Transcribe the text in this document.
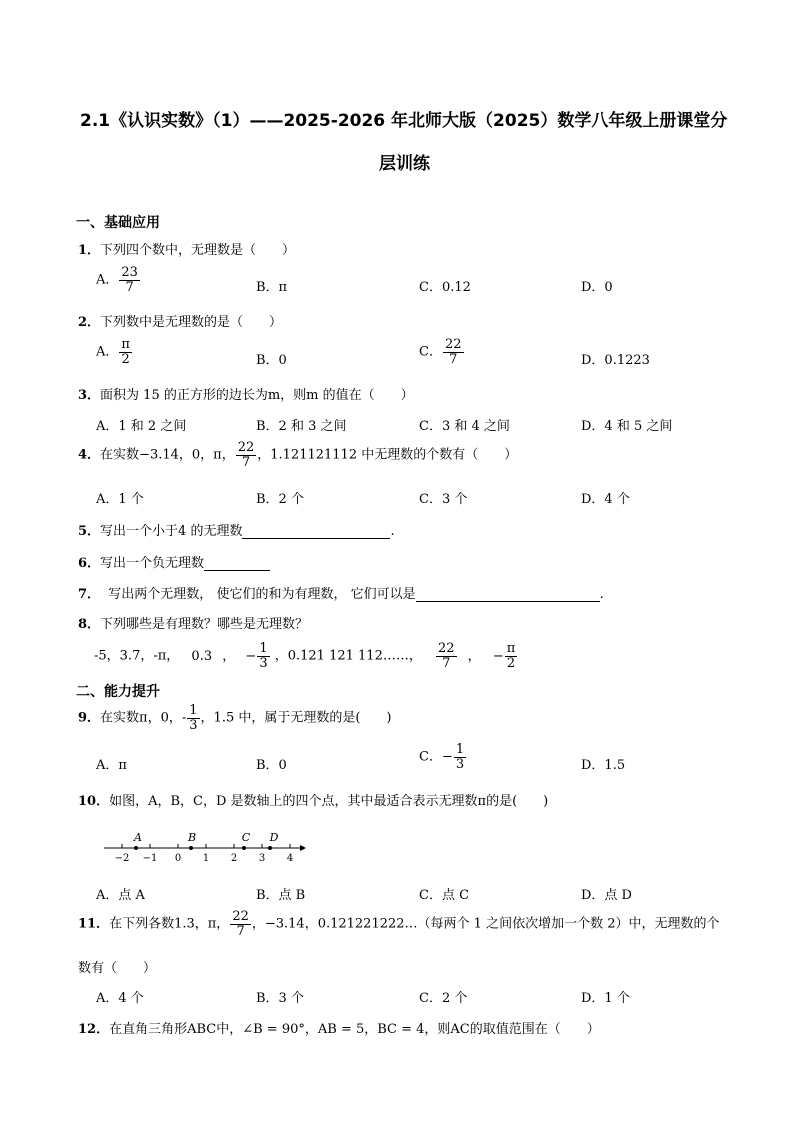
2.1《认识实数》（1）——2025-2026 年北师大版（2025）数学八年级上册课堂分
层训练
一、基础应用
1．下列四个数中，无理数是（　　）
A． $\frac{23}{7}$	B．π	C．0.12	D．0
2．下列数中是无理数的是（　　）
A． $\frac{\pi}{2}$	B．0
C． $\frac{22}{7}$	D．0.1223
3．面积为 15 的正方形的边长为m，则m 的值在（　　）
A．1 和 2 之间	B．2 和 3 之间	C．3 和 4 之间	D．4 和 5 之间
4．在实数−3.14，0，π， $\frac{22}{7}$ ，1.121121112 中无理数的个数有（　　）
A．1 个	B．2 个	C．3 个	D．4 个
5．写出一个小于4 的无理数	.
6．写出一个负无理数
7．  写出两个无理数， 使它们的和为有理数， 它们可以是	.
8．下列哪些是有理数？哪些是无理数？
-5，3.7，-π， 0.3 ， − $\frac{1}{3}$ ，0.121 121 112……， $\frac{22}{7}$ ， − $\frac{\pi}{2}$
二、能力提升
9．在实数π，0，- $\frac{1}{3}$ ，1.5 中，属于无理数的是(　　)
A．π	B．0
C．− $\frac{1}{3}$	D．1.5
10．如图，A，B，C，D 是数轴上的四个点，其中最适合表示无理数π的是(　　)
−2 −1 0 1 2 3 4
A	B	C D
A．点 A	B．点 B	C．点 C	D．点 D
11．在下列各数1.3，π， $\frac{22}{7}$ ，−3.14，0.121221222…（每两个 1 之间依次增加一个数 2）中，无理数的个
数有（　　）
A．4 个	B．3 个	C．2 个	D．1 个
12．在直角三角形ABC中，∠B = 90°，AB = 5，BC = 4，则AC的取值范围在（　　）
